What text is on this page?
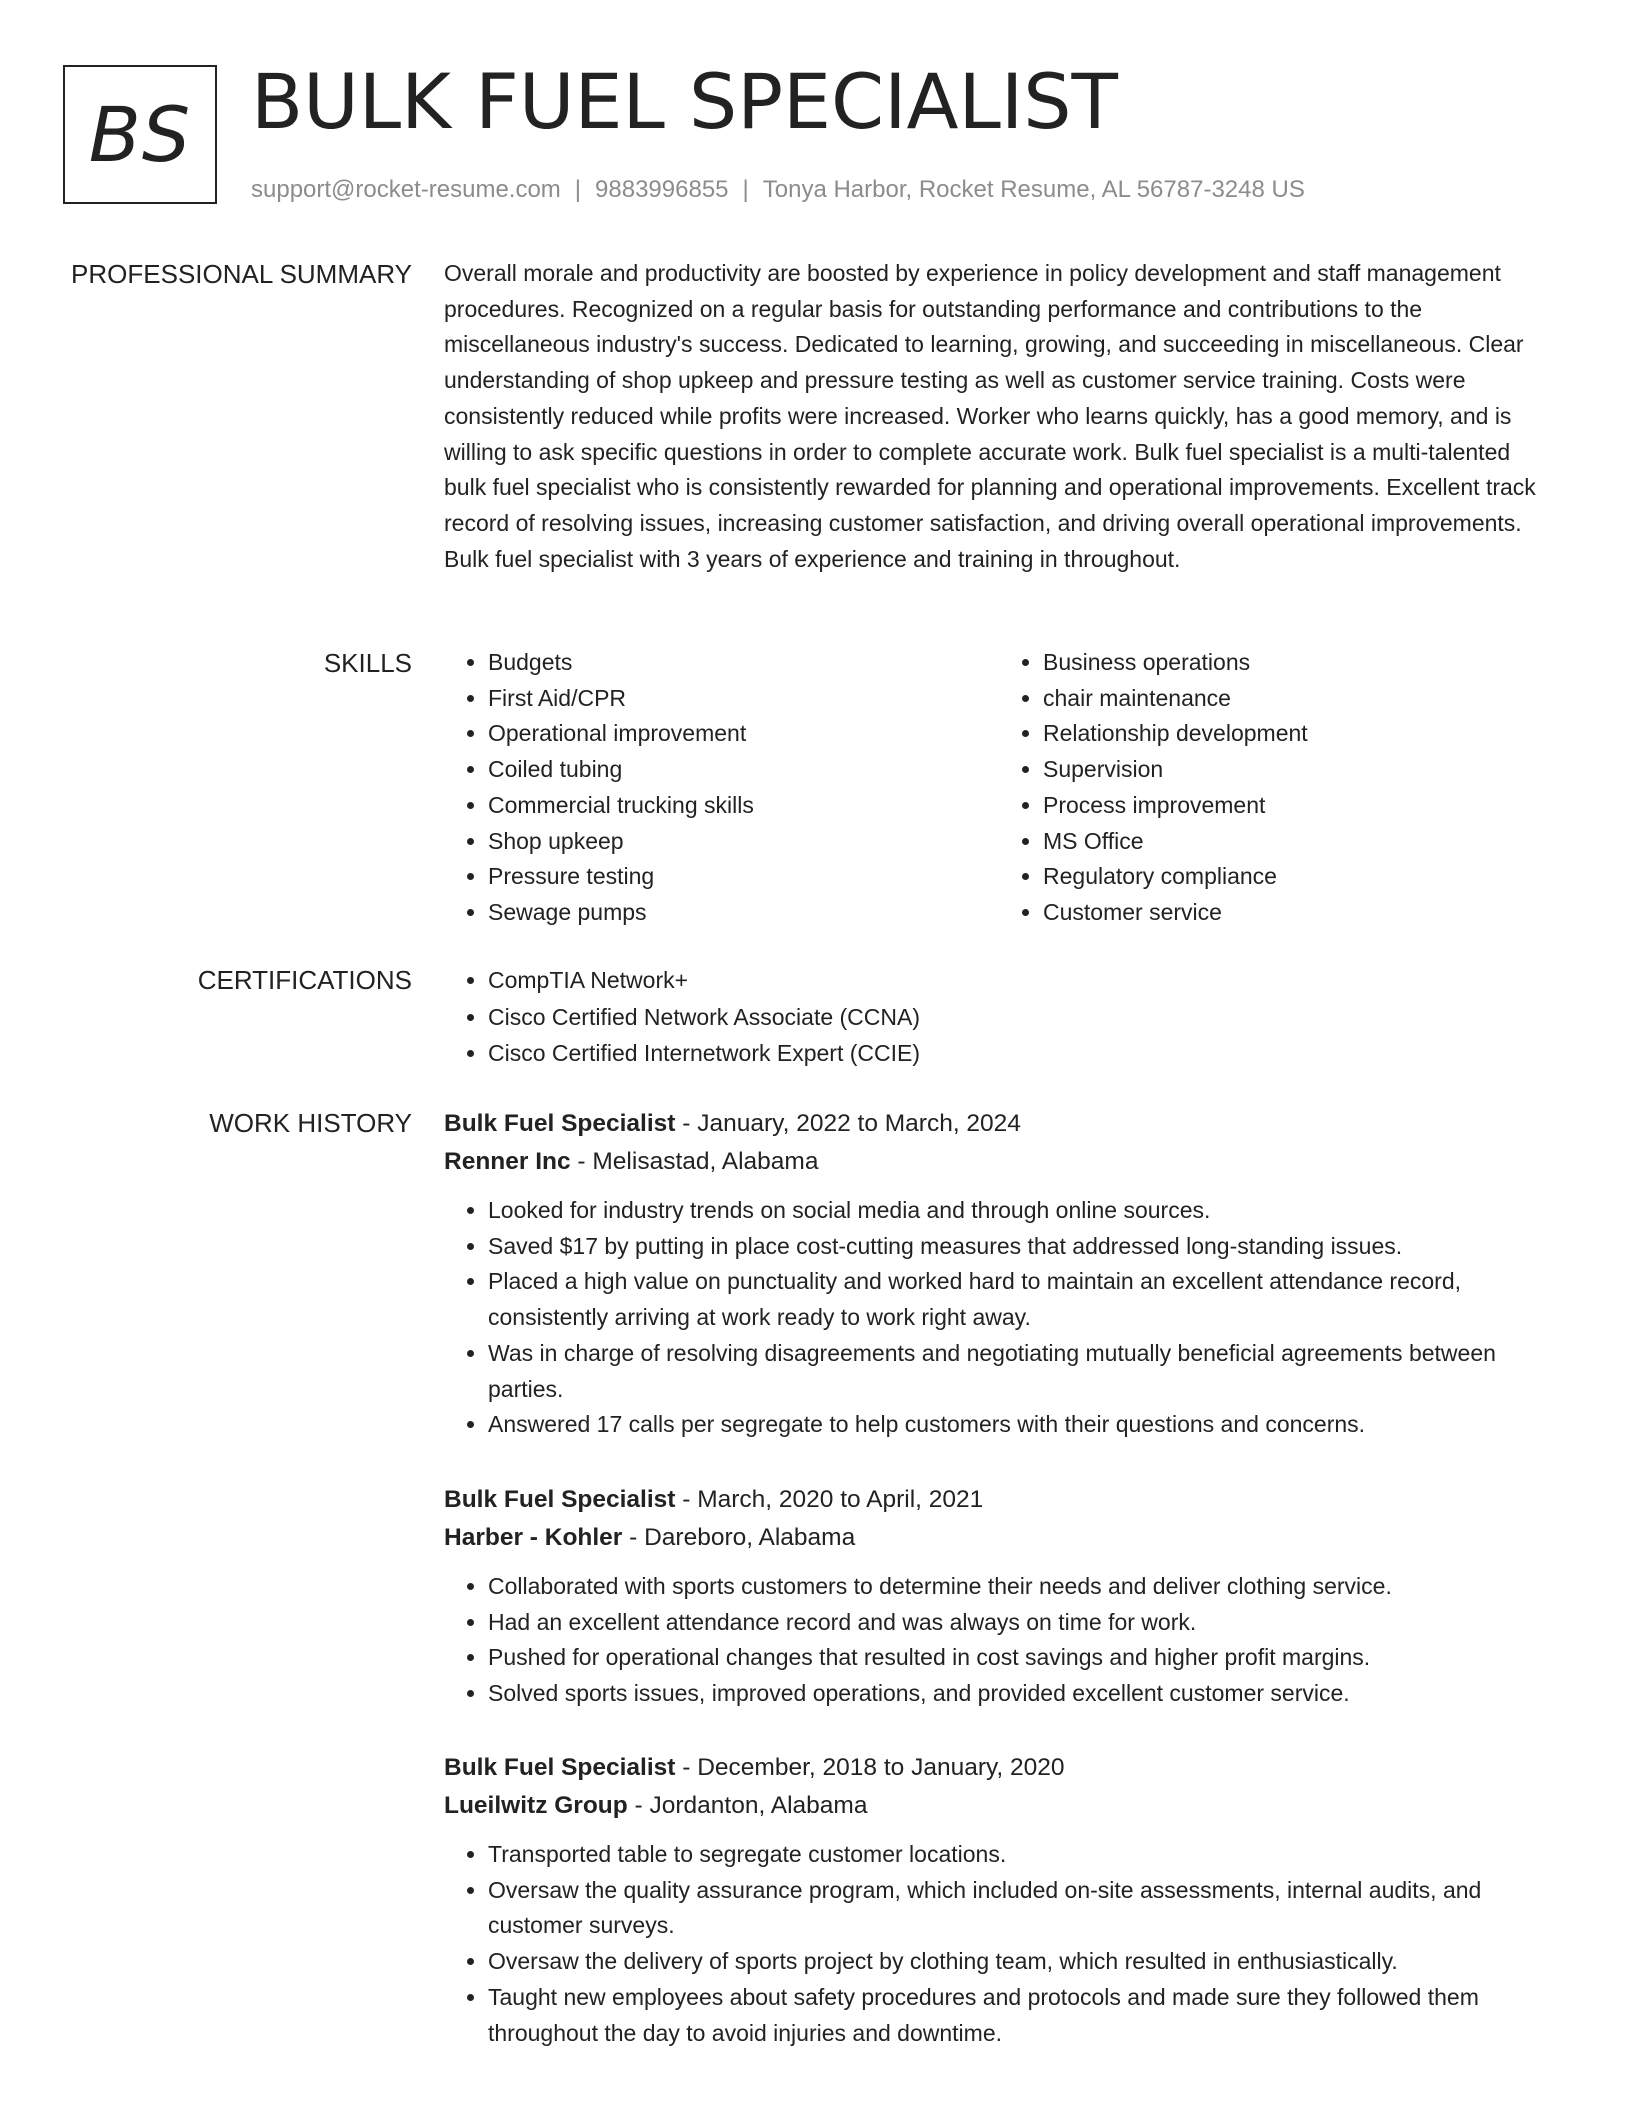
BS BULK FUEL SPECIALIST
support@rocket-resume.com | 9883996855 | Tonya Harbor, Rocket Resume, AL 56787-3248 US
PROFESSIONAL SUMMARY Overall morale and productivity are boosted by experience in policy development and staff management procedures. Recognized on a regular basis for outstanding performance and contributions to the miscellaneous industry's success. Dedicated to learning, growing, and succeeding in miscellaneous. Clear understanding of shop upkeep and pressure testing as well as customer service training. Costs were consistently reduced while profits were increased. Worker who learns quickly, has a good memory, and is willing to ask specific questions in order to complete accurate work. Bulk fuel specialist is a multi-talented bulk fuel specialist who is consistently rewarded for planning and operational improvements. Excellent track record of resolving issues, increasing customer satisfaction, and driving overall operational improvements. Bulk fuel specialist with 3 years of experience and training in throughout.

SKILLS	• Budgets
• First Aid/CPR
• Operational improvement
• Coiled tubing
• Commercial trucking skills
• Shop upkeep
• Pressure testing
• Sewage pumps
• Business operations
• chair maintenance
• Relationship development
• Supervision
• Process improvement
• MS Office
• Regulatory compliance
• Customer service
CERTIFICATIONS	• CompTIA Network+
• Cisco Certified Network Associate (CCNA)
• Cisco Certified Internetwork Expert (CCIE)
WORK HISTORY Bulk Fuel Specialist - January, 2022 to March, 2024
Renner Inc - Melisastad, Alabama
• Looked for industry trends on social media and through online sources.
• Saved $17 by putting in place cost-cutting measures that addressed long-standing issues.
• Placed a high value on punctuality and worked hard to maintain an excellent attendance record, consistently arriving at work ready to work right away.
• Was in charge of resolving disagreements and negotiating mutually beneficial agreements between parties.
• Answered 17 calls per segregate to help customers with their questions and concerns.
Bulk Fuel Specialist - March, 2020 to April, 2021
Harber - Kohler - Dareboro, Alabama
• Collaborated with sports customers to determine their needs and deliver clothing service.
• Had an excellent attendance record and was always on time for work.
• Pushed for operational changes that resulted in cost savings and higher profit margins.
• Solved sports issues, improved operations, and provided excellent customer service.
Bulk Fuel Specialist - December, 2018 to January, 2020
Lueilwitz Group - Jordanton, Alabama
• Transported table to segregate customer locations.
• Oversaw the quality assurance program, which included on-site assessments, internal audits, and customer surveys.
• Oversaw the delivery of sports project by clothing team, which resulted in enthusiastically.
• Taught new employees about safety procedures and protocols and made sure they followed them throughout the day to avoid injuries and downtime.
